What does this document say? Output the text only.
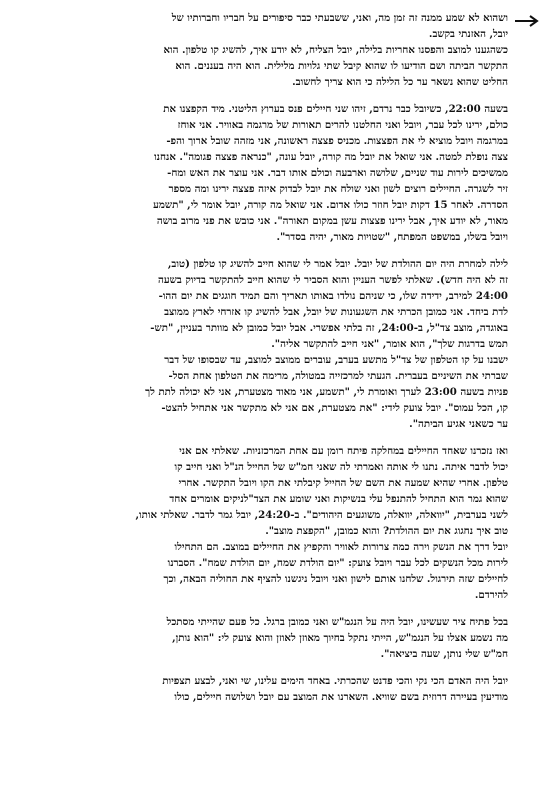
ושהוא לא שמע ממנה זה זמן מה, ואני, ששבעתי כבר סיפורים על חבריו וחברותיו של
יובל, האזנתי בקשב.
כשהגענו למוצב והפסנו אחריות בלילה, יובל הצליח, לא יודע איך, להשיג קו טלפון. הוא
התקשר הביתה ושם הודיעו לו שהוא קיבל שתי גלויות מלילית. הוא היה בעננים. הוא
החליט שהוא נשאר ער כל הלילה כי הוא צריך לחשוב.

בשעה 22:00, כשיובל כבר נרדם, זיהו שני חיילים פנס בערוץ הליטני. מיד הקפצנו את
כולם, ירינו לכל עבר, ויובל ואני החלטנו להרים תאורות של מרגמה באוויר. אני אוחז
במרגמה ויובל מוציא לי את הפצצות. מכניס פצצה ראשונה, אני מזהה שובל ארוך והפ-
צצה נופלת למטה. אני שואל את יובל מה קורה, יובל עונה, "כנראה פצצה פגומה". אנחנו
ממשיכים לירות עוד שניים, שלושה וארבעה וכולם אותו דבר. אני עוצר את האש ומח-
זיר לשגרה. החיילים רוצים לשון ואני שולח את יובל לבדוק איזה פצצה ירינו ומה מספר
הסדרה. לאחר 15 דקות יובל חוזר כולו אדום. אני שואל מה קורה, יובל אומר לי, "תשמע
מאור, לא יודע איך, אבל ירינו פצצות עשן במקום תאורה". אני כובש את פני מרוב בושה
ויובל בשלו, במשפט המפתח, "שטויות מאור, יהיה בסדר".

לילה למחרת היה יום ההולדת של יובל. יובל אמר לי שהוא חייב להשיג קו טלפון (טוב,
זה לא היה חדש). שאלתי לפשר העניין והוא הסביר לי שהוא חייב להתקשר בדיוק בשעה
24:00 למירב, ידידה שלו, כי שניהם נולדו באותו תאריך והם תמיד חוגגים את יום ההו-
לדת ביחד. אני כמובן הכרתי את השגעונות של יובל, אבל להשיג קו אזרחי לארץ ממוצב
באוגדה, מוצב צד"ל, ב-24:00, זה בלתי אפשרי. אבל יובל כמובן לא מוותר בעניין, "תש-
תמש בדרגות שלך", הוא אומר, "אני חייב להתקשר אליה".
ישבנו על קו הטלפון של צד"ל מתשע בערב, עוברים ממוצב למוצב, עד שבסופו של דבר
שברתי את השיניים בעברית. הגעתי למרכזייה במטולה, מרימה את הטלפון אחת הסל-
פניות בשעה 23:00 לערך ואומרת לי, "תשמע, אני מאוד מצטערת, אני לא יכולה לתת לך
קו, הכל עמוס". יובל צועק לידי: "את מצטערת, אם אני לא מתקשר אני אתחיל להצט-
ער כשאני אגיע הביתה".

ואז נזכרנו שאחד החיילים במחלקה פיתח רומן עם אחת המרכזניות. שאלתי אם אני
יכול לדבר איתה. נתנו לי אותה ואמרתי לה שאני חמ"ש של החייל הנ"ל ואני חייב קו
טלפון. אחרי שהיא שמעה את השם של החייל קיבלתי את הקו ויובל התקשר. אחרי
שהוא גמר הוא התחיל להתנפל עלי בנשיקות ואני שומע את הצד"לניקים אומרים אחד
לשני בערבית, "יוואלה, יוואלה, משוגעים היהודים". ב-24:20, יובל גמר לדבר. שאלתי אותו,
טוב איך נחגוג את יום ההולדת? והוא כמובן, "הקפצת מוצב".
יובל דרך את הנשק וירה כמה צרורות לאוויר והקפיץ את החיילים במוצב. הם התחילו
לירות מכל הנשקים לכל עבר ויובל צועק: "יום הולדת שמח, יום הולדת שמח". הסברנו
לחיילים שזה תירגול. שלחנו אותם לישון ואני ויובל ניגשנו להציף את החוליה הבאה, וכך
להירדם.

בכל פתיח ציר שעשינו, יובל היה על הנגמ"ש ואני כמובן ברגל. כל פעם שהייתי מסתכל
מה נשמע אצלו על הנגמ"ש, הייתי נתקל בחיוך מאוזן לאוזן והוא צועק לי: "הוא נותן,
חמ"ש שלי נותן, שעה ביציאה".

יובל היה האדם הכי נקי והכי פדנט שהכרתי. באחד הימים עלינו, שי ואני, לבצע תצפיות
מודיעין בעיירה דרוזית בשם שוויא. השארנו את המוצב עם יובל ושלושה חיילים, כולו
